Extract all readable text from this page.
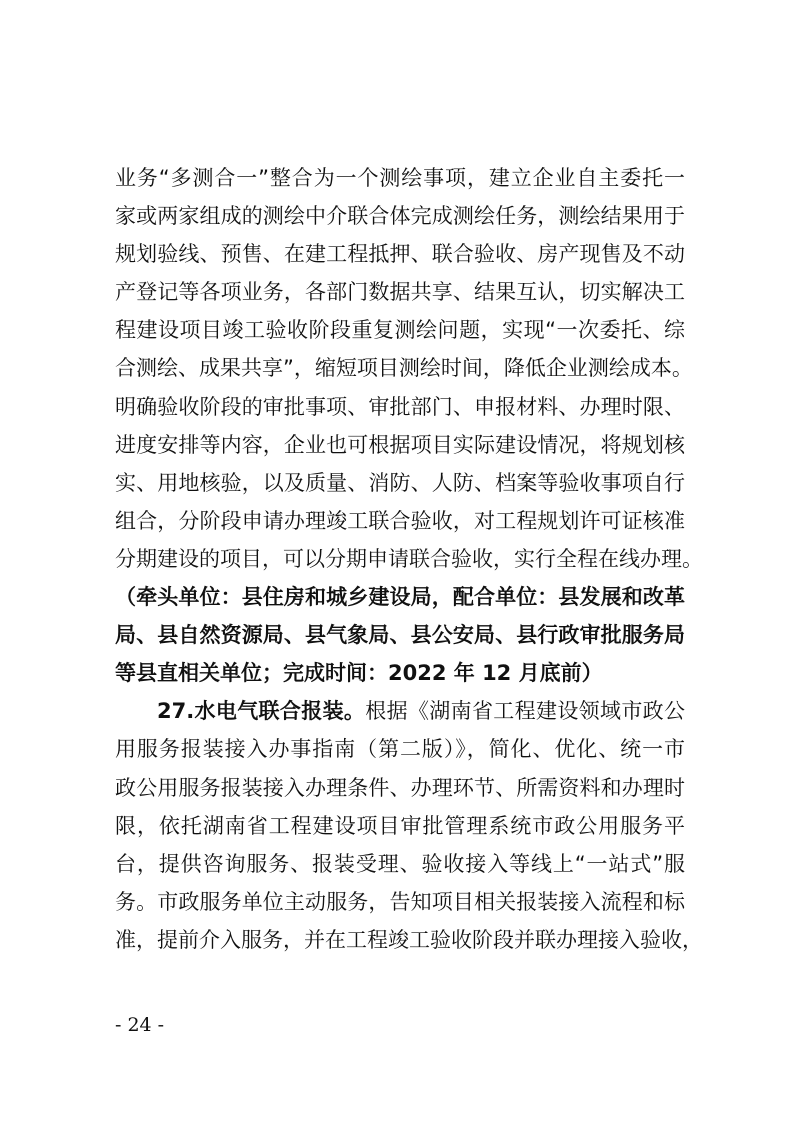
业务“多测合一”整合为一个测绘事项，建立企业自主委托一
家或两家组成的测绘中介联合体完成测绘任务，测绘结果用于
规划验线、预售、在建工程抵押、联合验收、房产现售及不动
产登记等各项业务，各部门数据共享、结果互认，切实解决工
程建设项目竣工验收阶段重复测绘问题，实现“一次委托、综
合测绘、成果共享”，缩短项目测绘时间，降低企业测绘成本。
明确验收阶段的审批事项、审批部门、申报材料、办理时限、
进度安排等内容，企业也可根据项目实际建设情况，将规划核
实、用地核验，以及质量、消防、人防、档案等验收事项自行
组合，分阶段申请办理竣工联合验收，对工程规划许可证核准
分期建设的项目，可以分期申请联合验收，实行全程在线办理。
（牵头单位：县住房和城乡建设局，配合单位：县发展和改革
局、县自然资源局、县气象局、县公安局、县行政审批服务局
等县直相关单位；完成时间：2022 年 12 月底前）
27.水电气联合报装。根据《湖南省工程建设领域市政公
用服务报装接入办事指南（第二版）》，简化、优化、统一市
政公用服务报装接入办理条件、办理环节、所需资料和办理时
限，依托湖南省工程建设项目审批管理系统市政公用服务平
台，提供咨询服务、报装受理、验收接入等线上“一站式”服
务。市政服务单位主动服务，告知项目相关报装接入流程和标
准，提前介入服务，并在工程竣工验收阶段并联办理接入验收，
- 24 -
